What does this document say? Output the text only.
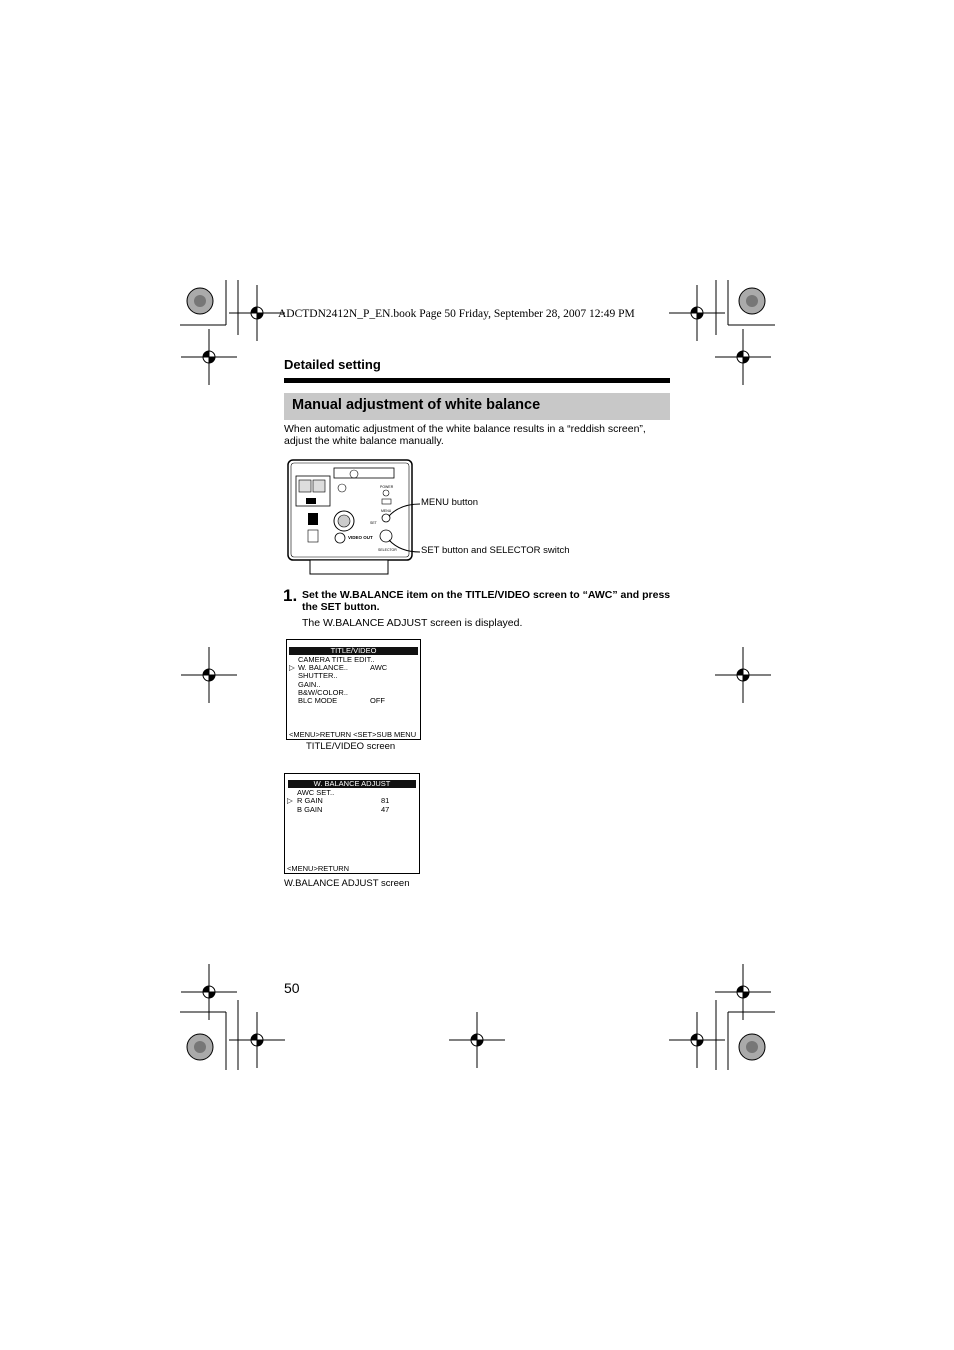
ADCTDN2412N_P_EN.book Page 50 Friday, September 28, 2007 12:49 PM
Detailed setting
Manual adjustment of white balance
When automatic adjustment of the white balance results in a “reddish screen”, adjust the white balance manually.
VIDEO OUT
POWER
MENU
SET
SELECTOR
MENU button
SET button and SELECTOR switch
1. Set the W.BALANCE item on the TITLE/VIDEO screen to “AWC” and press the SET button.
The W.BALANCE ADJUST screen is displayed.
TITLE/VIDEO
CAMERA TITLE EDIT..
▷ W. BALANCE..	AWC
SHUTTER..
GAIN..
B&W/COLOR..
BLC MODE	OFF
<MENU>RETURN <SET>SUB MENU
TITLE/VIDEO screen
W. BALANCE ADJUST
AWC SET..
▷ R GAIN	81
B GAIN	47
<MENU>RETURN
W.BALANCE ADJUST screen
50
